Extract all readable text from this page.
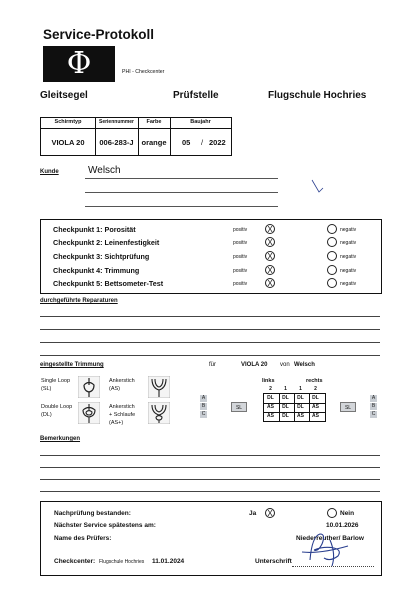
Service-Protokoll
Φ	PHI - Checkcenter
Gleitsegel	Prüfstelle	Flugschule Hochries
Schirmtyp	Seriennummer	Farbe	Baujahr
VIOLA 20	006-283-J	orange	05 / 2022
Kunde	Welsch
Checkpunkt 1: Porosität	positiv	X	negativ
Checkpunkt 2: Leinenfestigkeit	positiv	X	negativ
Checkpunkt 3: Sichtprüfung	positiv	X	negativ
Checkpunkt 4: Trimmung	positiv	X	negativ
Checkpunkt 5: Bettsometer-Test	positiv	X	negativ
durchgeführte Reparaturen
eingestellte Trimmung	für	VIOLA 20 von Welsch
Single Loop
(SL)
Double Loop
(DL)
Ankerstich
(AS)
Ankerstich
+ Schlaufe
(AS+)
A
B
C
SL
links	rechts
2	1	1	2
DL	DL	DL	DL
AS	DL	DL	AS
AS	DL	AS	AS
SL
A
B
C
Bemerkungen
Nachprüfung bestanden:	Ja X	Nein
Nächster Service spätestens am:	10.01.2026
Name des Prüfers:	Niederreuther/ Barlow
Checkcenter: Flugschule Hochries 11.01.2024	Unterschrift
